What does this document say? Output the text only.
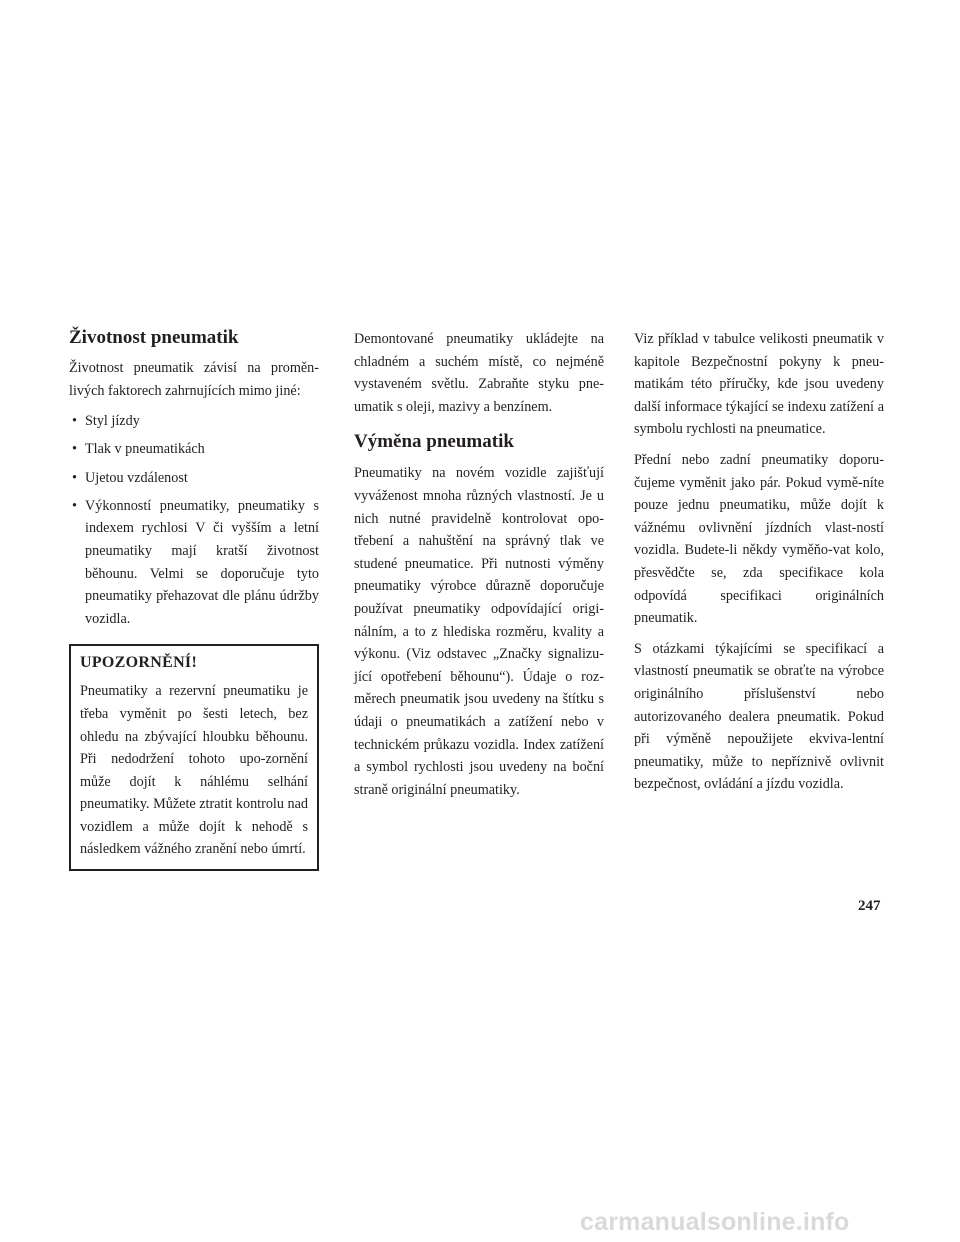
Životnost pneumatik

Životnost pneumatik závisí na proměn-livých faktorech zahrnujících mimo jiné:

• Styl jízdy
• Tlak v pneumatikách
• Ujetou vzdálenost
• Výkonností pneumatiky, pneumatiky s indexem rychlosi V či vyšším a letní pneumatiky mají kratší životnost běhounu. Velmi se doporučuje tyto pneumatiky přehazovat dle plánu údržby vozidla.
UPOZORNĚNÍ!

Pneumatiky a rezervní pneumatiku je třeba vyměnit po šesti letech, bez ohledu na zbývající hloubku běhounu. Při nedodržení tohoto upo-zornění může dojít k náhlému selhání pneumatiky. Můžete ztratit kontrolu nad vozidlem a může dojít k nehodě s následkem vážného zranění nebo úmrtí.

Demontované pneumatiky ukládejte na chladném a suchém místě, co nejméně vystaveném světlu. Zabraňte styku pne-umatik s oleji, mazivy a benzínem.

Výměna pneumatik

Pneumatiky na novém vozidle zajišťují vyváženost mnoha různých vlastností. Je u nich nutné pravidelně kontrolovat opo-třebení a nahuštění na správný tlak ve studené pneumatice. Při nutnosti výměny pneumatiky výrobce důrazně doporučuje používat pneumatiky odpovídající origi-nálním, a to z hlediska rozměru, kvality a výkonu. (Viz odstavec „Značky signalizu-jící opotřebení běhounu“). Údaje o roz-měrech pneumatik jsou uvedeny na štítku s údaji o pneumatikách a zatížení nebo v technickém průkazu vozidla. Index zatížení a symbol rychlosti jsou uvedeny na boční straně originální pneumatiky.

Viz příklad v tabulce velikosti pneumatik v kapitole Bezpečnostní pokyny k pneu-matikám této příručky, kde jsou uvedeny další informace týkající se indexu zatížení a symbolu rychlosti na pneumatice.

Přední nebo zadní pneumatiky doporu-čujeme vyměnit jako pár. Pokud vymě-níte pouze jednu pneumatiku, může dojít k vážnému ovlivnění jízdních vlast-ností vozidla. Budete-li někdy vyměňo-vat kolo, přesvědčte se, zda specifikace kola odpovídá specifikaci originálních pneumatik.

S otázkami týkajícími se specifikací a vlastností pneumatik se obraťte na výrobce originálního příslušenství nebo autorizovaného dealera pneumatik. Pokud při výměně nepoužijete ekviva-lentní pneumatiky, může to nepříznivě ovlivnit bezpečnost, ovládání a jízdu vozidla.

247
carmanualsonline.info
